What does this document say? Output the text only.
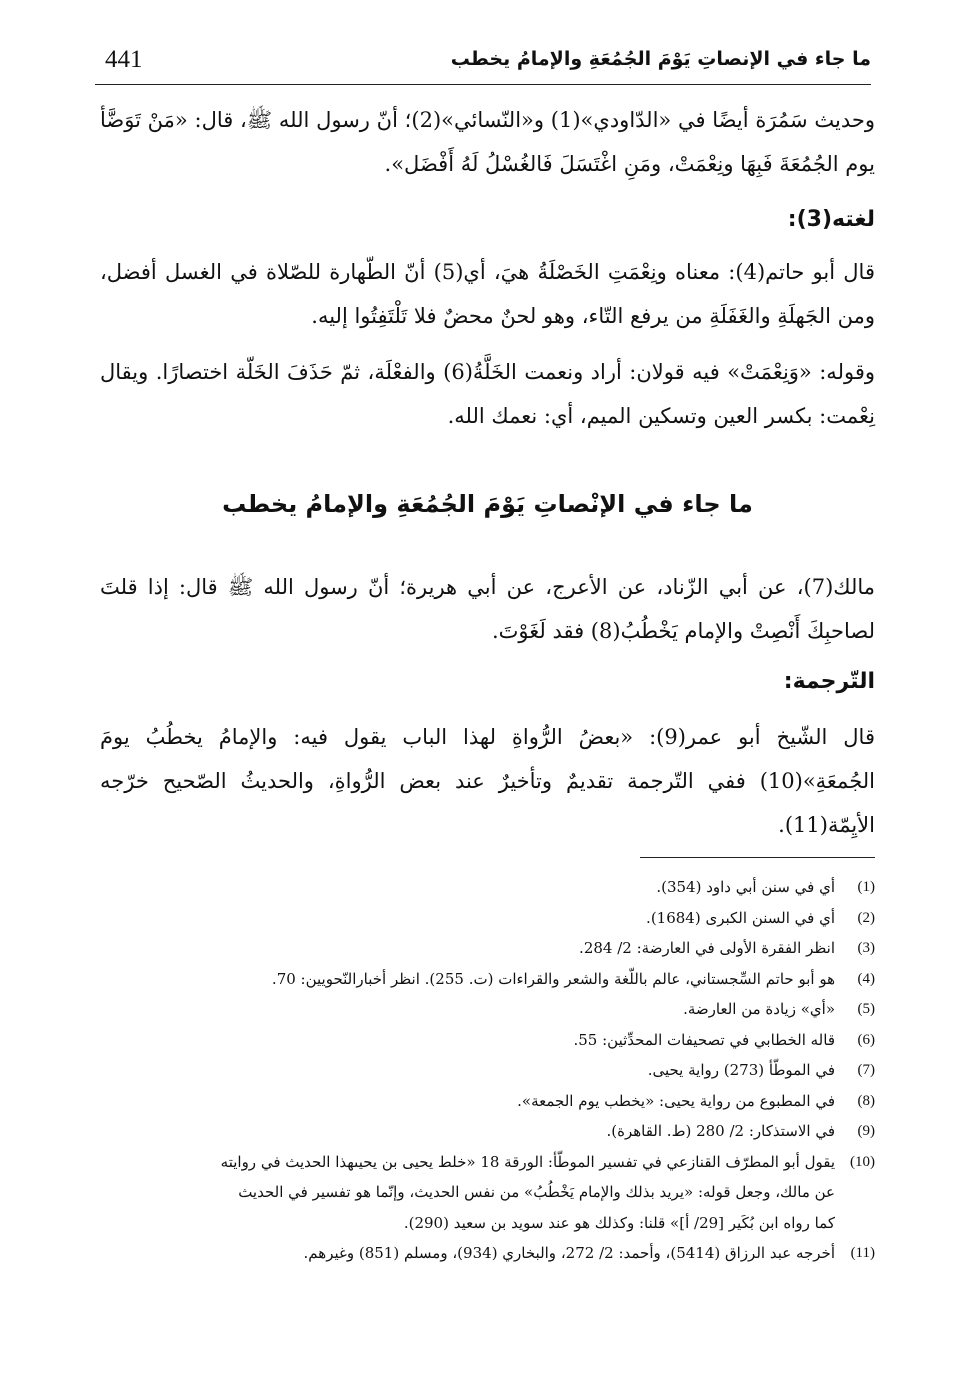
ما جاء في الإنصاتِ يَوْمَ الجُمُعَةِ والإمامُ يخطب
441

وحديث سَمُرَة أيضًا في «الدّاودي»(1) و«النّسائي»(2)؛ أنّ رسول الله ﷺ، قال: «مَنْ تَوَضَّأ يوم الجُمُعَةَ فَبِهَا ونِعْمَتْ، ومَنِ اغْتَسَلَ فَالغُسْلُ لَهُ أَفْضَل».

لغته(3):

قال أبو حاتم(4): معناه ونِعْمَتِ الخَصْلَةُ هيَ، أي(5) أنّ الطّهارة للصّلاة في الغسل أفضل، ومن الجَهلَةِ والغَفَلَةِ من يرفع التّاء، وهو لحنٌ محضٌ فلا تَلْتَفِتُوا إليه.

وقوله: «وَنِعْمَتْ» فيه قولان: أراد ونعمت الخَلَّةُ(6) والفعْلَة، ثمّ حَذَفَ الخَلّة اختصارًا. ويقال نِعْمت: بكسر العين وتسكين الميم، أي: نعمك الله.

ما جاء في الإنْصاتِ يَوْمَ الجُمُعَةِ والإمامُ يخطب

مالك(7)، عن أبي الزّناد، عن الأعرج، عن أبي هريرة؛ أنّ رسول الله ﷺ قال: إذا قلتَ لصاحبِكَ أَنْصِتْ والإمام يَخْطُبُ(8) فقد لَغَوْتَ.

التّرجمة:

قال الشّيخ أبو عمر(9): «بعضُ الرُّواةِ لهذا الباب يقول فيه: والإمامُ يخطُبُ يومَ الجُمعَةِ»(10) ففي التّرجمة تقديمٌ وتأخيرٌ عند بعض الرُّواةِ، والحديثُ الصّحيح خرّجه الأيِمّة(11).

(1)
أي في سنن أبي داود (354).
(2)
أي في السنن الكبرى (1684).
(3)
انظر الفقرة الأولى في العارضة: 2/ 284.
(4)
هو أبو حاتم السِّجستاني، عالم باللّغة والشعر والقراءات (ت. 255). انظر أخبارالنّحويين: 70.
(5)
«أي» زيادة من العارضة.
(6)
قاله الخطابي في تصحيفات المحدِّثين: 55.
(7)
في الموطّأ (273) رواية يحيى.
(8)
في المطبوع من رواية يحيى: «يخطب يوم الجمعة».
(9)
في الاستذكار: 2/ 280 (ط. القاهرة).
(10)
يقول أبو المطرّف القنازعي في تفسير الموطّأ: الورقة 18 «خلط يحيى بن يحيىهذا الحديث في روايته
عن مالك، وجعل قوله: «يريد بذلك والإمام يَخْطُبُ» من نفس الحديث، وإنّما هو تفسير في الحديث
كما رواه ابن بُكَير [29/ أ]» قلنا: وكذلك هو عند سويد بن سعيد (290).
(11)
أخرجه عبد الرزاق (5414)، وأحمد: 2/ 272، والبخاري (934)، ومسلم (851) وغيرهم.
